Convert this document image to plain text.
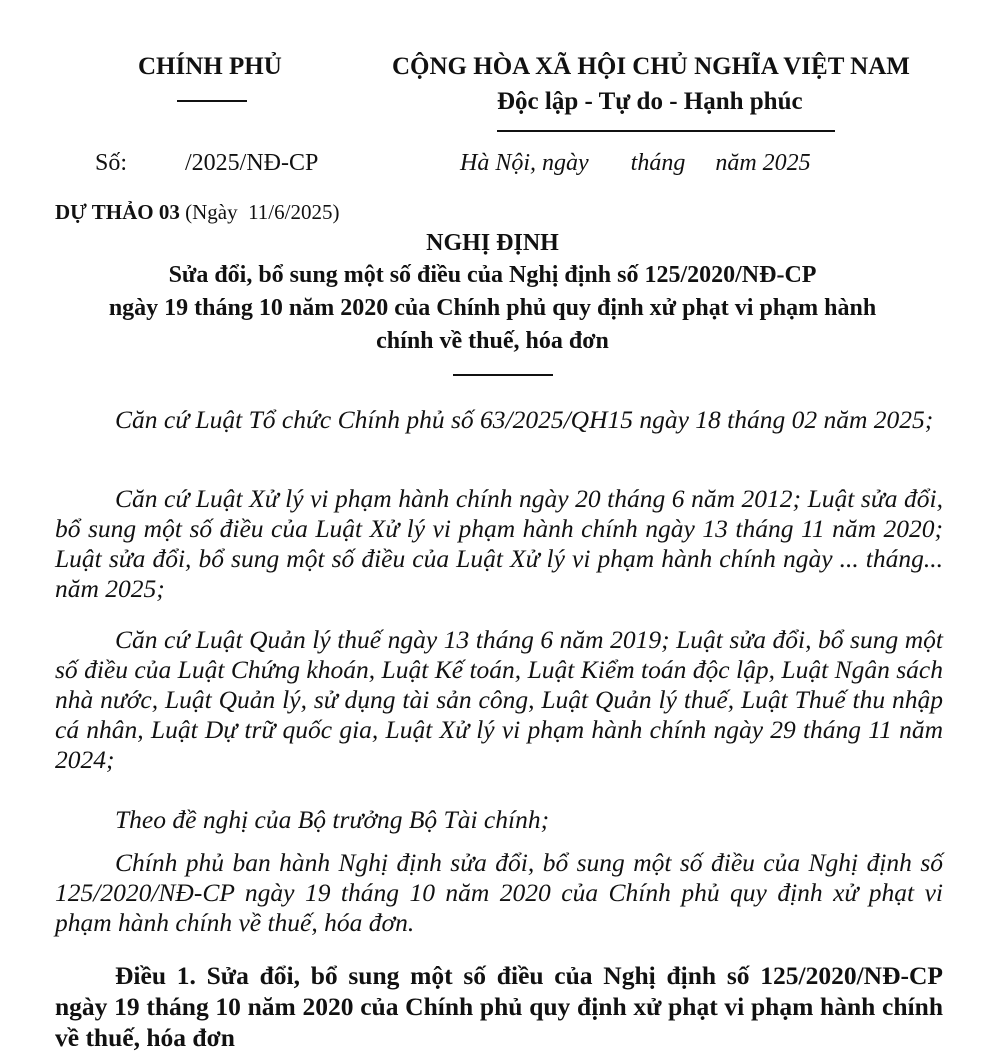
CHÍNH PHỦ	CỘNG HÒA XÃ HỘI CHỦ NGHĨA VIỆT NAM
Độc lập - Tự do - Hạnh phúc
Số: /2025/NĐ-CP	Hà Nội, ngày       tháng     năm 2025
DỰ THẢO 03 (Ngày  11/6/2025)
NGHỊ ĐỊNH
Sửa đổi, bổ sung một số điều của Nghị định số 125/2020/NĐ-CP
ngày 19 tháng 10 năm 2020 của Chính phủ quy định xử phạt vi phạm hành
chính về thuế, hóa đơn
Căn cứ Luật Tổ chức Chính phủ số 63/2025/QH15 ngày 18 tháng 02 năm 2025;
Căn cứ Luật Xử lý vi phạm hành chính ngày 20 tháng 6 năm 2012; Luật sửa đổi, bổ sung một số điều của Luật Xử lý vi phạm hành chính ngày 13 tháng 11 năm 2020; Luật sửa đổi, bổ sung một số điều của Luật Xử lý vi phạm hành chính ngày ... tháng... năm 2025;
Căn cứ Luật Quản lý thuế ngày 13 tháng 6 năm 2019; Luật sửa đổi, bổ sung một số điều của Luật Chứng khoán, Luật Kế toán, Luật Kiểm toán độc lập, Luật Ngân sách nhà nước, Luật Quản lý, sử dụng tài sản công, Luật Quản lý thuế, Luật Thuế thu nhập cá nhân, Luật Dự trữ quốc gia, Luật Xử lý vi phạm hành chính ngày 29 tháng 11 năm 2024;
Theo đề nghị của Bộ trưởng Bộ Tài chính;
Chính phủ ban hành Nghị định sửa đổi, bổ sung một số điều của Nghị định số 125/2020/NĐ-CP ngày 19 tháng 10 năm 2020 của Chính phủ quy định xử phạt vi phạm hành chính về thuế, hóa đơn.
Điều 1. Sửa đổi, bổ sung một số điều của Nghị định số 125/2020/NĐ-CP ngày 19 tháng 10 năm 2020 của Chính phủ quy định xử phạt vi phạm hành chính về thuế, hóa đơn
